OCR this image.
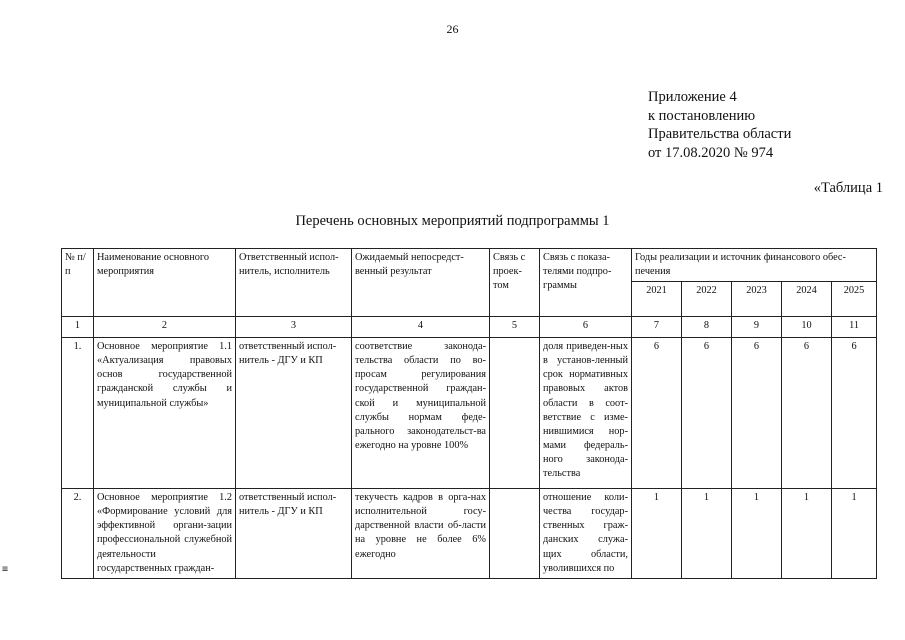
26
Приложение 4
к постановлению
Правительства области
от 17.08.2020 № 974
«Таблица 1
Перечень основных мероприятий подпрограммы 1
≡
№ п/п	Наименование основного мероприятия	Ответственный испол-нитель, исполнитель	Ожидаемый непосредст-венный результат	Связь с проек-том	Связь с показа-телями подпро-граммы	Годы реализации и источник финансового обес-печения				
						2021	2022	2023	2024	2025
1	2	3	4	5	6	7	8	9	10	11
1.	Основное мероприятие 1.1 «Актуализация правовых основ государственной гражданской службы и муниципальной службы»	ответственный испол-нитель - ДГУ и КП	соответствие законода-тельства области по во-просам регулирования государственной граждан-ской и муниципальной службы нормам феде-рального законодательст-ва ежегодно на уровне 100%		доля приведен-ных в установ-ленный срок нормативных правовых актов области в соот-ветствие с изме-нившимися нор-мами федераль-ного законода-тельства	6	6	6	6	6
2.	Основное мероприятие 1.2 «Формирование условий для эффективной органи-зации профессиональной служебной деятельности государственных граждан-	ответственный испол-нитель - ДГУ и КП	текучесть кадров в орга-нах исполнительной госу-дарственной власти об-ласти на уровне не более 6% ежегодно		отношение коли-чества государ-ственных граж-данских служа-щих области, уволившихся по	1	1	1	1	1
